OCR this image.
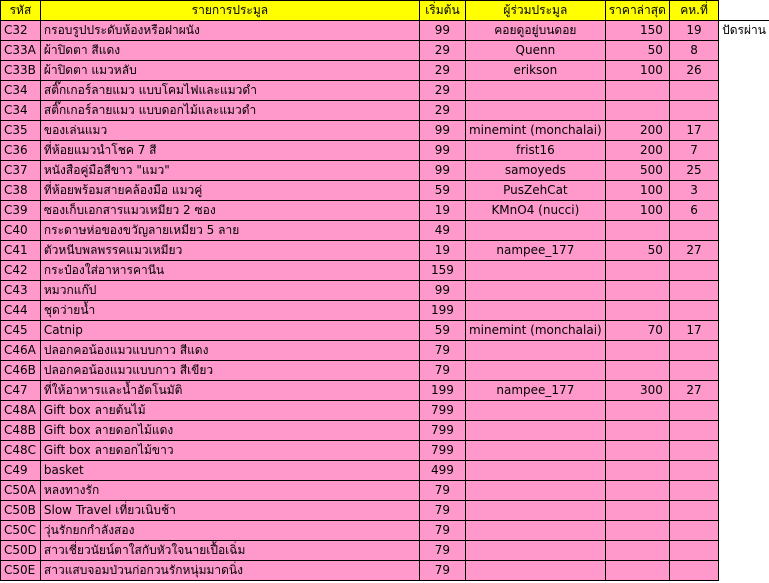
รหัส	รายการประมูล	เริ่มต้น	ผู้ร่วมประมูล	ราคาล่าสุด	คห.ที่	
C32	กรอบรูปประดับห้องหรือฝาผนัง	99	คอยดูอยู่บนดอย	150	19	ปัดรผ่าน
C33A	ผ้าปิดตา สีแดง	29	Quenn	50	8	
C33B	ผ้าปิดตา แมวหลับ	29	erikson	100	26	
C34	สติ๊กเกอร์ลายแมว แบบโคมไฟและแมวดำ	29				
C34	สติ๊กเกอร์ลายแมว แบบดอกไม้และแมวดำ	29				
C35	ของเล่นแมว	99	minemint (monchalai)	200	17	
C36	ที่ห้อยแมวนำโชค 7 สี	99	frist16	200	7	
C37	หนังสือคู่มือสีขาว "แมว"	99	samoyeds	500	25	
C38	ที่ห้อยพร้อมสายคล้องมือ แมวคู่	59	PusZehCat	100	3	
C39	ซองเก็บเอกสารแมวเหมียว 2 ซอง	19	KMnO4 (nucci)	100	6	
C40	กระดาษห่อของขวัญลายเหมียว 5 ลาย	49				
C41	ตัวหนีบพลพรรคแมวเหมียว	19	nampee_177	50	27	
C42	กระป๋องใส่อาหารคานีน	159				
C43	หมวกแก๊ป	99				
C44	ชุดว่ายน้ำ	199				
C45	Catnip	59	minemint (monchalai)	70	17	
C46A	ปลอกคอน้องแมวแบบกาว สีแดง	79				
C46B	ปลอกคอน้องแมวแบบกาว สีเขียว	79				
C47	ที่ให้อาหารและน้ำอัตโนมัติ	199	nampee_177	300	27	
C48A	Gift box ลายต้นไม้	799				
C48B	Gift box ลายดอกไม้แดง	799				
C48C	Gift box ลายดอกไม้ขาว	799				
C49	basket	499				
C50A	หลงทางรัก	79				
C50B	Slow Travel เที่ยวเนิบช้า	79				
C50C	วุ่นรักยกกำลังสอง	79				
C50D	สาวเชี่ยวนัยน์ตาใสกับหัวใจนายเปื้อเฉิ่ม	79				
C50E	สาวแสบจอมป่วนก่อกวนรักหนุ่มมาดนิ่ง	79				
